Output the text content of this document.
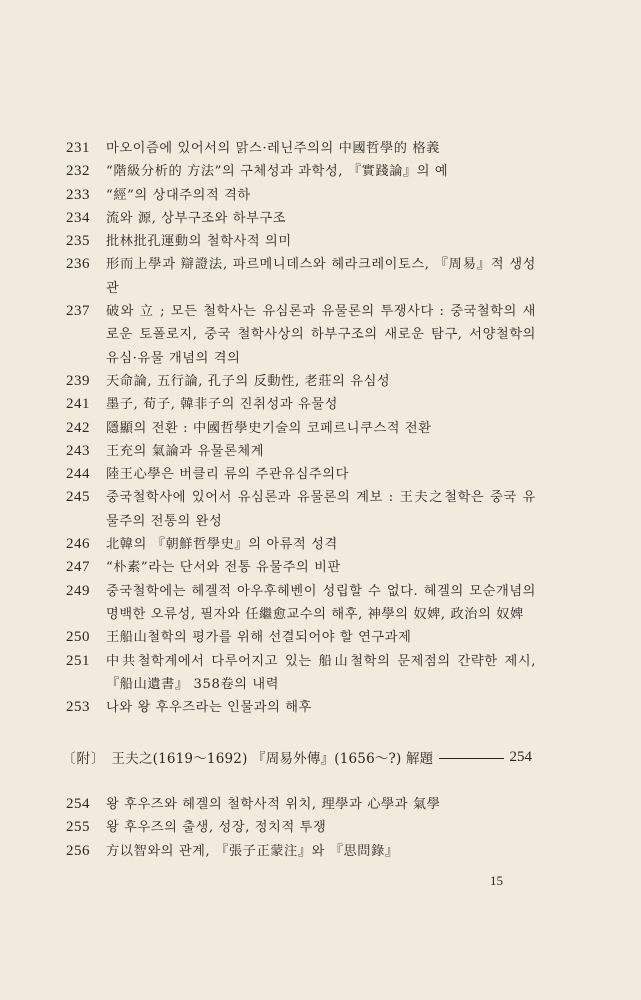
231	마오이즘에 있어서의 맑스·레닌주의의 中國哲學的 格義
232	“階級分析的 方法”의 구체성과 과학성, 『實踐論』의 예
233	“經”의 상대주의적 격하
234	流와 源, 상부구조와 하부구조
235	批林批孔運動의 철학사적 의미
236	形而上學과 辯證法, 파르메니데스와 헤라크레이토스, 『周易』적 생성관
237	破와 立 ; 모든 철학사는 유심론과 유물론의 투쟁사다 : 중국철학의 새로운 토폴로지, 중국 철학사상의 하부구조의 새로운 탐구, 서양철학의 유심·유물 개념의 격의
239	天命論, 五行論, 孔子의 反動性, 老莊의 유심성
241	墨子, 荀子, 韓非子의 진취성과 유물성
242	隱顯의 전환 : 中國哲學史기술의 코페르니쿠스적 전환
243	王充의 氣論과 유물론체계
244	陸王心學은 버클리 류의 주관유심주의다
245	중국철학사에 있어서 유심론과 유물론의 계보 : 王夫之철학은 중국 유물주의 전통의 완성
246	北韓의 『朝鮮哲學史』의 아류적 성격
247	“朴素”라는 단서와 전통 유물주의 비판
249	중국철학에는 헤겔적 아우후헤벤이 성립할 수 없다. 헤겔의 모순개념의 명백한 오류성, 필자와 任繼愈교수의 해후, 神學의 奴婢, 政治의 奴婢
250	王船山철학의 평가를 위해 선결되어야 할 연구과제
251	中共철학계에서 다루어지고 있는 船山철학의 문제점의 간략한 제시, 『船山遺書』 358卷의 내력
253	나와 왕 후우즈라는 인물과의 해후
〔附〕 王夫之(1619～1692) 『周易外傳』(1656～?) 解題	254
254	왕 후우즈와 헤겔의 철학사적 위치, 理學과 心學과 氣學
255	왕 후우즈의 출생, 성장, 정치적 투쟁
256	方以智와의 관계, 『張子正蒙注』와 『思問錄』
15
